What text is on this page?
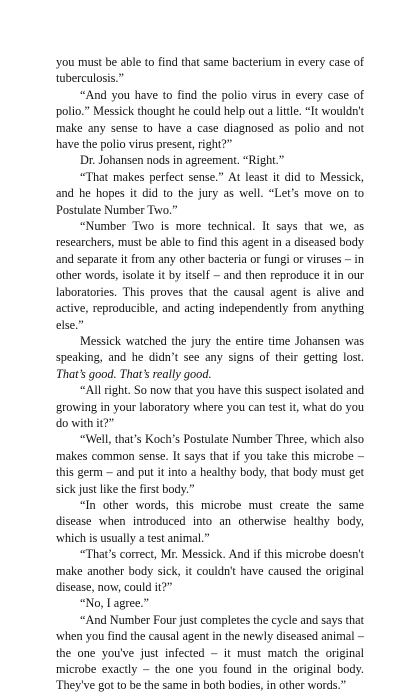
you must be able to find that same bacterium in every case of tuberculosis.”

“And you have to find the polio virus in every case of polio.” Messick thought he could help out a little. “It wouldn't make any sense to have a case diagnosed as polio and not have the polio virus present, right?”

Dr. Johansen nods in agreement. “Right.”

“That makes perfect sense.” At least it did to Messick, and he hopes it did to the jury as well. “Let’s move on to Postulate Number Two.”

“Number Two is more technical. It says that we, as researchers, must be able to find this agent in a diseased body and separate it from any other bacteria or fungi or viruses – in other words, isolate it by itself – and then reproduce it in our laboratories. This proves that the causal agent is alive and active, reproducible, and acting independently from anything else.”

Messick watched the jury the entire time Johansen was speaking, and he didn’t see any signs of their getting lost. That’s good. That’s really good.

“All right. So now that you have this suspect isolated and growing in your laboratory where you can test it, what do you do with it?”

“Well, that’s Koch’s Postulate Number Three, which also makes common sense. It says that if you take this microbe – this germ – and put it into a healthy body, that body must get sick just like the first body.”

“In other words, this microbe must create the same disease when introduced into an otherwise healthy body, which is usually a test animal.”

“That’s correct, Mr. Messick. And if this microbe doesn't make another body sick, it couldn't have caused the original disease, now, could it?”

“No, I agree.”

“And Number Four just completes the cycle and says that when you find the causal agent in the newly diseased animal – the one you've just infected – it must match the original microbe exactly – the one you found in the original body. They've got to be the same in both bodies, in other words.”
